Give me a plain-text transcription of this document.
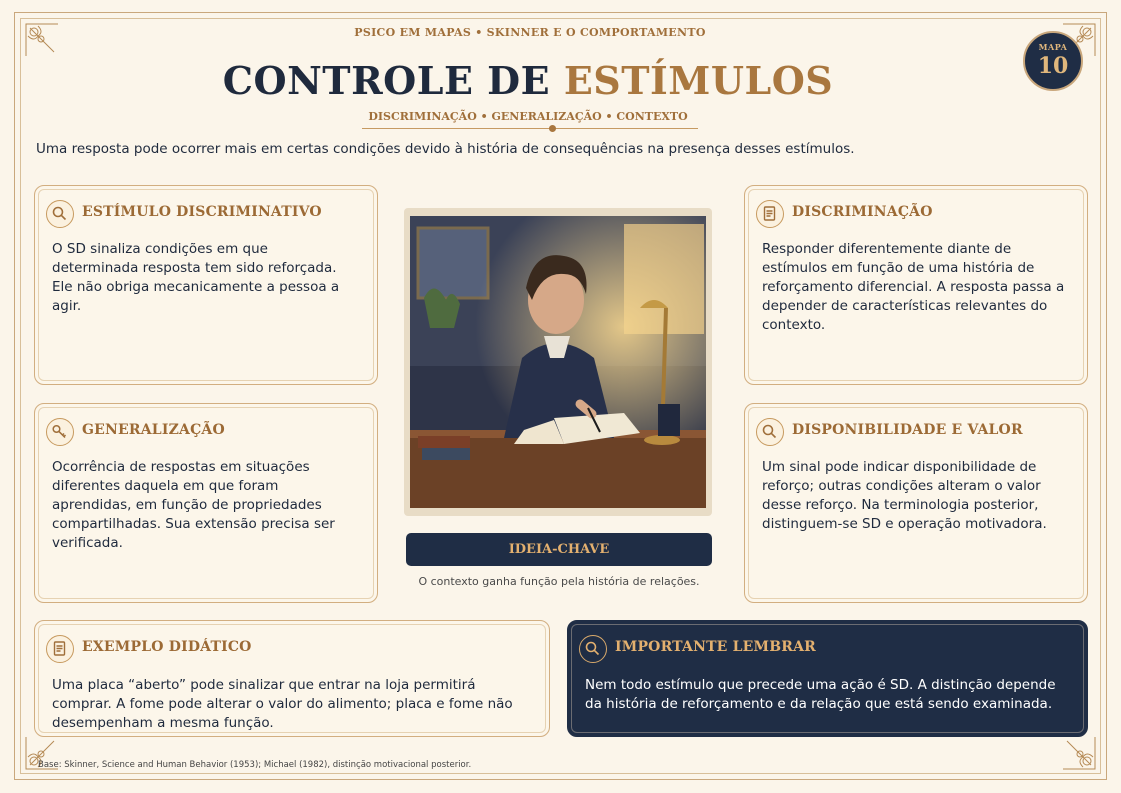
PSICO EM MAPAS • SKINNER E O COMPORTAMENTO
CONTROLE DE ESTÍMULOS
DISCRIMINAÇÃO • GENERALIZAÇÃO • CONTEXTO
MAPA
10
Uma resposta pode ocorrer mais em certas condições devido à história de consequências na presença desses estímulos.
ESTÍMULO DISCRIMINATIVO
O SD sinaliza condições em que determinada resposta tem sido reforçada. Ele não obriga mecanicamente a pessoa a agir.
DISCRIMINAÇÃO
Responder diferentemente diante de estímulos em função de uma história de reforçamento diferencial. A resposta passa a depender de características relevantes do contexto.
GENERALIZAÇÃO
Ocorrência de respostas em situações diferentes daquela em que foram aprendidas, em função de propriedades compartilhadas. Sua extensão precisa ser verificada.
DISPONIBILIDADE E VALOR
Um sinal pode indicar disponibilidade de reforço; outras condições alteram o valor desse reforço. Na terminologia posterior, distinguem-se SD e operação motivadora.
EXEMPLO DIDÁTICO
Uma placa “aberto” pode sinalizar que entrar na loja permitirá comprar. A fome pode alterar o valor do alimento; placa e fome não desempenham a mesma função.
IMPORTANTE LEMBRAR
Nem todo estímulo que precede uma ação é SD. A distinção depende da história de reforçamento e da relação que está sendo examinada.
IDEIA-CHAVE
O contexto ganha função pela história de relações.
Base: Skinner, Science and Human Behavior (1953); Michael (1982), distinção motivacional posterior.
